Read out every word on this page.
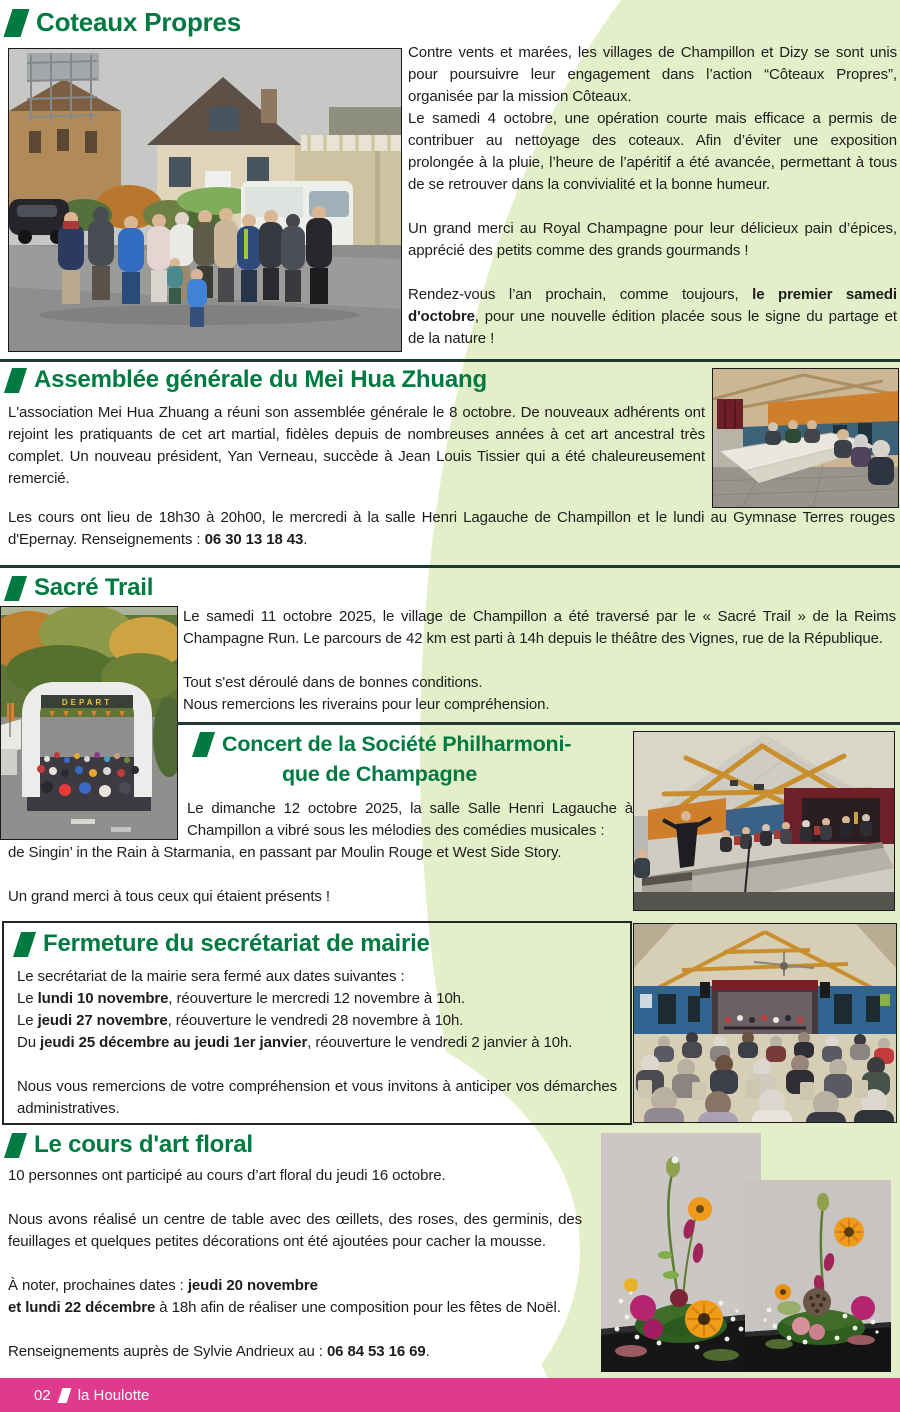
Coteaux Propres

Contre vents et marées, les villages de Champillon et Dizy se sont unis pour poursuivre leur engagement dans l’action “Côteaux Propres”, organisée par la mission Côteaux.

Le samedi 4 octobre, une opération courte mais efficace a permis de contribuer au nettoyage des coteaux. Afin d’éviter une exposition prolongée à la pluie, l’heure de l’apéritif a été avancée, permettant à tous de se retrouver dans la convivialité et la bonne humeur.

Un grand merci au Royal Champagne pour leur délicieux pain d’épices, apprécié des petits comme des grands gourmands !

Rendez-vous l’an prochain, comme toujours, le premier samedi d'octobre, pour une nouvelle édition placée sous le signe du partage et de la nature !

Assemblée générale du Mei Hua Zhuang

L'association Mei Hua Zhuang a réuni son assemblée générale le 8 octobre. De nouveaux adhérents ont rejoint les pratiquants de cet art martial, fidèles depuis de nombreuses années à cet art ancestral très complet. Un nouveau président, Yan Verneau, succède à Jean Louis Tissier qui a été chaleureusement remercié.

Les cours ont lieu de 18h30 à 20h00, le mercredi à la salle Henri Lagauche de Champillon et le lundi au Gymnase Terres rouges d'Epernay. Renseignements : 06 30 13 18 43.

Sacré Trail
DEPART

Le samedi 11 octobre 2025, le village de Champillon a été traversé par le « Sacré Trail » de la Reims Champagne Run. Le parcours de 42 km est parti à 14h depuis le théâtre des Vignes, rue de la République.

Tout s'est déroulé dans de bonnes conditions.

Nous remercions les riverains pour leur compréhension.

Concert de la Société Philharmoni-
que de Champagne

Le dimanche 12 octobre 2025, la salle Salle Henri Lagauche à Champillon a vibré sous les mélodies des comédies musicales :

de Singin’ in the Rain à Starmania, en passant par Moulin Rouge et West Side Story.

Un grand merci à tous ceux qui étaient présents !

Fermeture du secrétariat de mairie

Le secrétariat de la mairie sera fermé aux dates suivantes :

Le lundi 10 novembre, réouverture le mercredi 12 novembre à 10h.

Le jeudi 27 novembre, réouverture le vendredi 28 novembre à 10h.

Du jeudi 25 décembre au jeudi 1er janvier, réouverture le vendredi 2 janvier à 10h.

Nous vous remercions de votre compréhension et vous invitons à anticiper vos démarches administratives.

Le cours d'art floral

10 personnes ont participé au cours d’art floral du jeudi 16 octobre.

Nous avons réalisé un centre de table avec des œillets, des roses, des germinis, des feuillages et quelques petites décorations ont été ajoutées pour cacher la mousse.

À noter, prochaines dates : jeudi 20 novembre

et lundi 22 décembre à 18h afin de réaliser une composition pour les fêtes de Noël.

Renseignements auprès de Sylvie Andrieux au : 06 84 53 16 69.

02 la Houlotte
